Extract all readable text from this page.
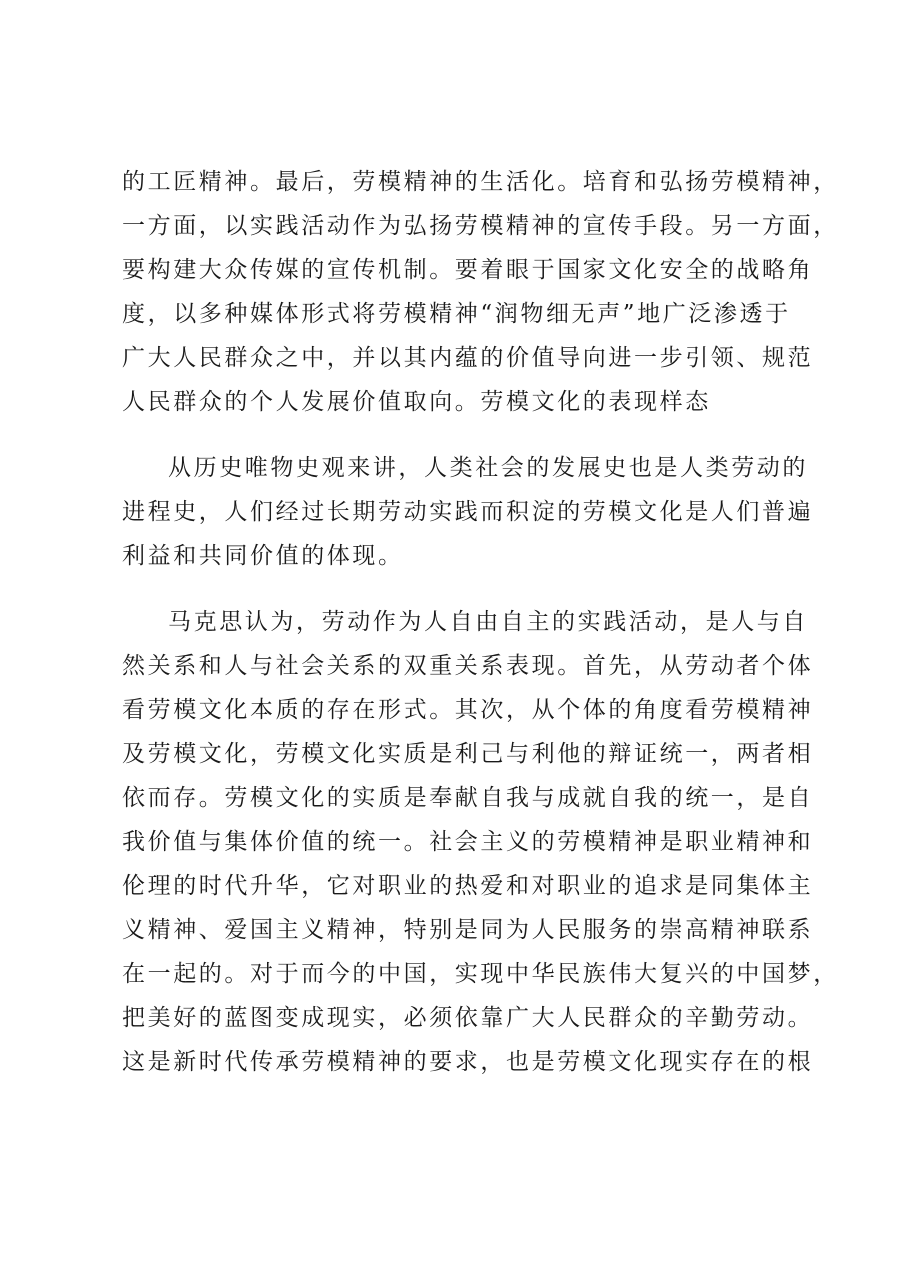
的工匠精神。最后，劳模精神的生活化。培育和弘扬劳模精神，
一方面，以实践活动作为弘扬劳模精神的宣传手段。另一方面，
要构建大众传媒的宣传机制。要着眼于国家文化安全的战略角
度，以多种媒体形式将劳模精神“润物细无声”地广泛渗透于
广大人民群众之中，并以其内蕴的价值导向进一步引领、规范
人民群众的个人发展价值取向。劳模文化的表现样态
从历史唯物史观来讲，人类社会的发展史也是人类劳动的
进程史，人们经过长期劳动实践而积淀的劳模文化是人们普遍
利益和共同价值的体现。
马克思认为，劳动作为人自由自主的实践活动，是人与自
然关系和人与社会关系的双重关系表现。首先，从劳动者个体
看劳模文化本质的存在形式。其次，从个体的角度看劳模精神
及劳模文化，劳模文化实质是利己与利他的辩证统一，两者相
依而存。劳模文化的实质是奉献自我与成就自我的统一，是自
我价值与集体价值的统一。社会主义的劳模精神是职业精神和
伦理的时代升华，它对职业的热爱和对职业的追求是同集体主
义精神、爱国主义精神，特别是同为人民服务的崇高精神联系
在一起的。对于而今的中国，实现中华民族伟大复兴的中国梦，
把美好的蓝图变成现实，必须依靠广大人民群众的辛勤劳动。
这是新时代传承劳模精神的要求，也是劳模文化现实存在的根
